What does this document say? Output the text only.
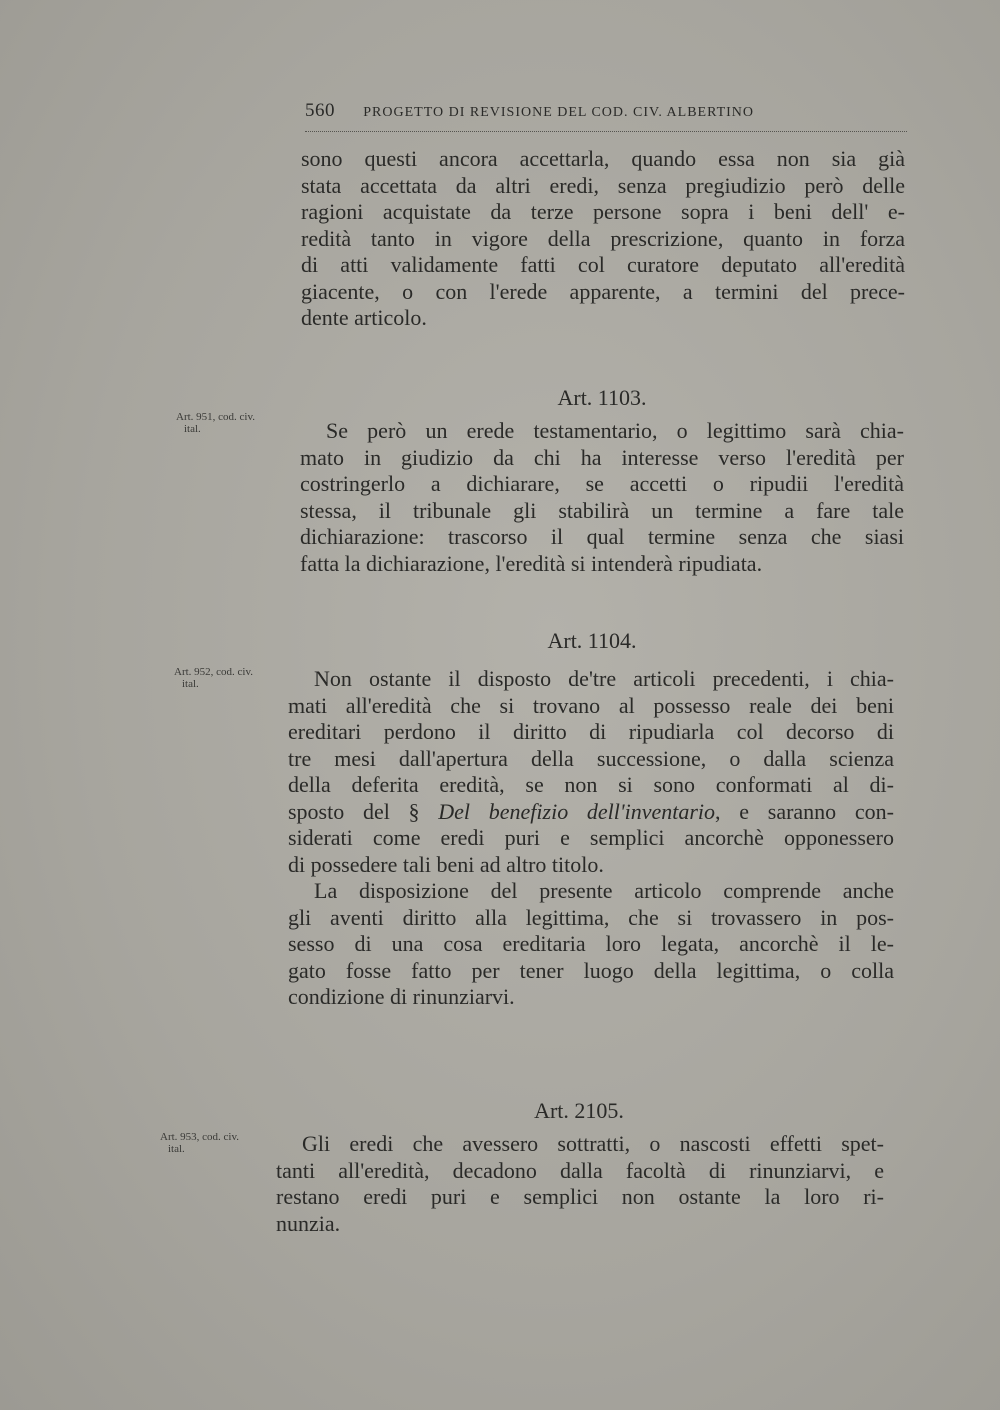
560 PROGETTO DI REVISIONE DEL COD. CIV. ALBERTINO
sono questi ancora accettarla, quando essa non sia già
stata accettata da altri eredi, senza pregiudizio però delle
ragioni acquistate da terze persone sopra i beni dell' e-
redità tanto in vigore della prescrizione, quanto in forza
di atti validamente fatti col curatore deputato all'eredità
giacente, o con l'erede apparente, a termini del prece-
dente articolo.
Art. 1103.
Art. 951, cod. civ.
ital.	Se però un erede testamentario, o legittimo sarà chia-
mato in giudizio da chi ha interesse verso l'eredità per
costringerlo a dichiarare, se accetti o ripudii l'eredità
stessa, il tribunale gli stabilirà un termine a fare tale
dichiarazione: trascorso il qual termine senza che siasi
fatta la dichiarazione, l'eredità si intenderà ripudiata.
Art. 1104.
Art. 952, cod. civ.
ital.	Non ostante il disposto de'tre articoli precedenti, i chia-
mati all'eredità che si trovano al possesso reale dei beni
ereditari perdono il diritto di ripudiarla col decorso di
tre mesi dall'apertura della successione, o dalla scienza
della deferita eredità, se non si sono conformati al di-
sposto del § Del benefizio dell'inventario, e saranno con-
siderati come eredi puri e semplici ancorchè opponessero
di possedere tali beni ad altro titolo.
La disposizione del presente articolo comprende anche
gli aventi diritto alla legittima, che si trovassero in pos-
sesso di una cosa ereditaria loro legata, ancorchè il le-
gato fosse fatto per tener luogo della legittima, o colla
condizione di rinunziarvi.
Art. 2105.
Art. 953, cod. civ.
ital.	Gli eredi che avessero sottratti, o nascosti effetti spet-
tanti all'eredità, decadono dalla facoltà di rinunziarvi, e
restano eredi puri e semplici non ostante la loro ri-
nunzia.
